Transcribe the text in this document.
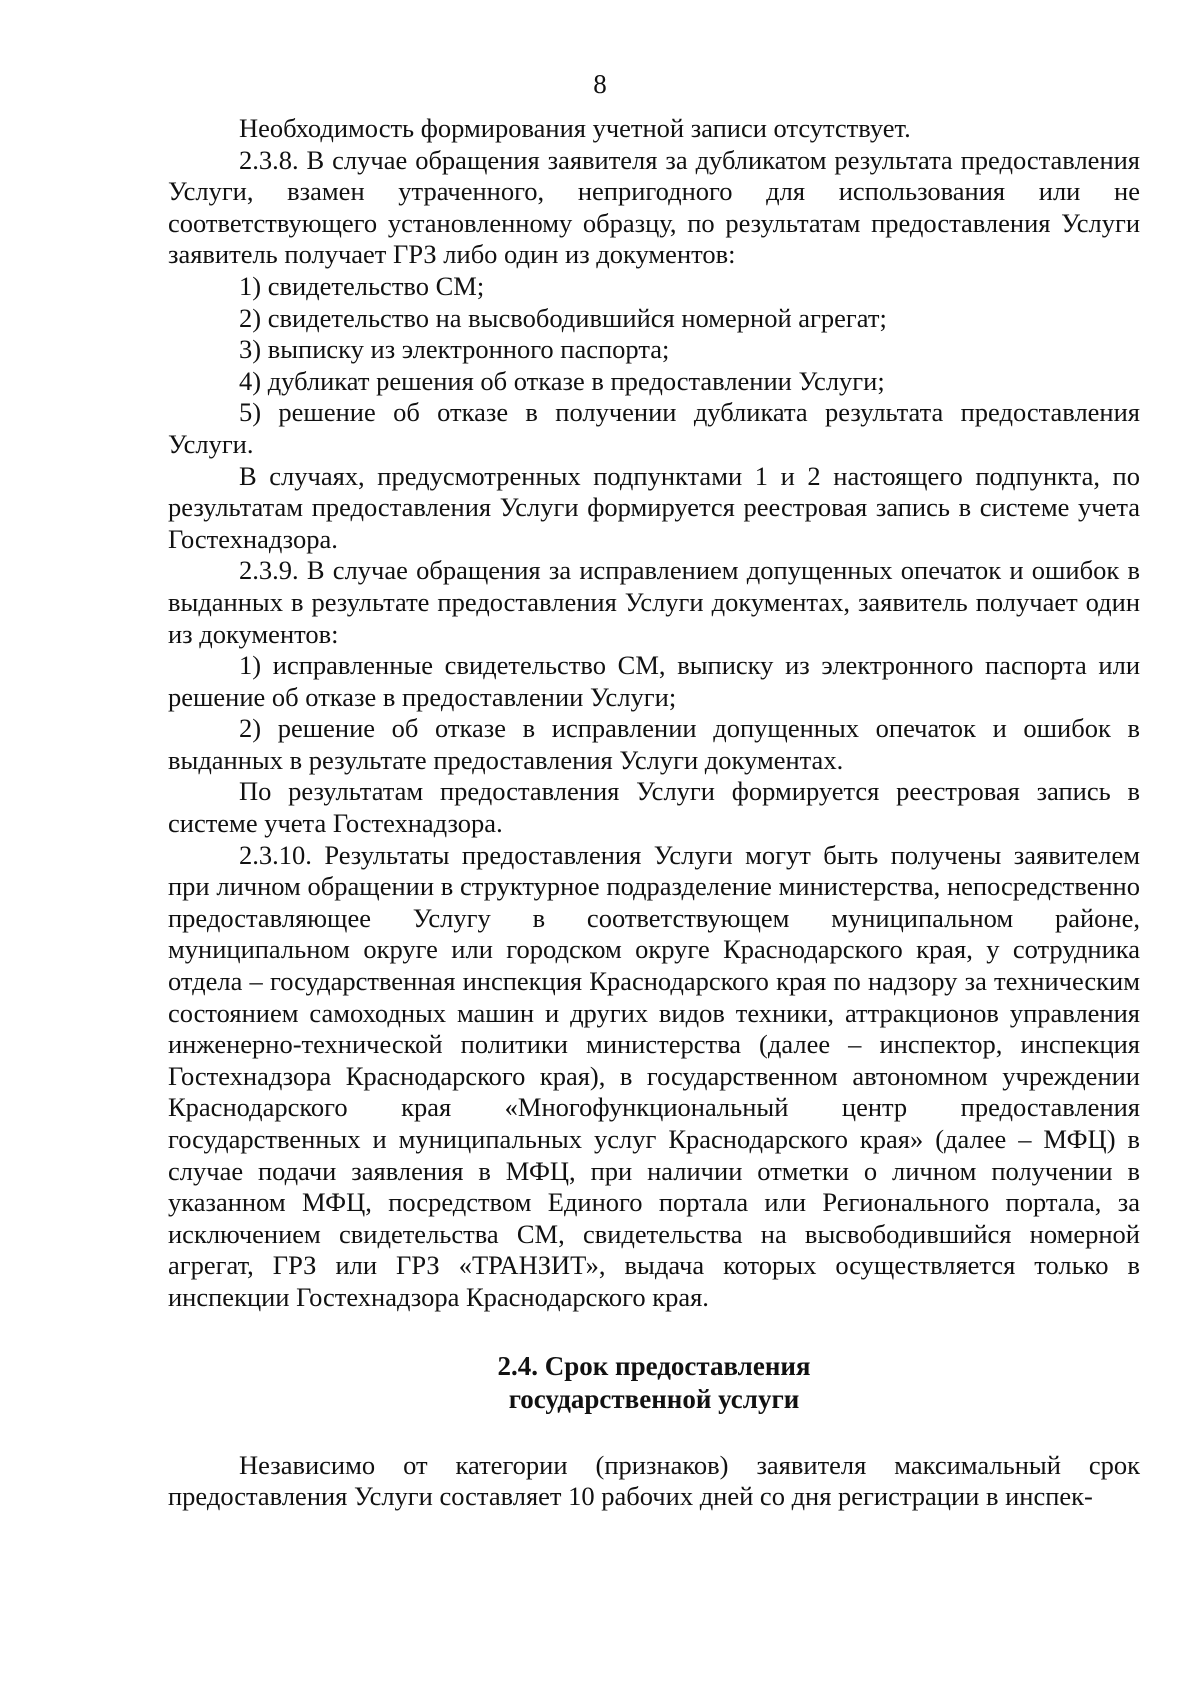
8

Необходимость формирования учетной записи отсутствует.

2.3.8. В случае обращения заявителя за дубликатом результата предоставления Услуги, взамен утраченного, непригодного для использования или не соответствующего установленному образцу, по результатам предоставления Услуги заявитель получает ГРЗ либо один из документов:

1) свидетельство СМ;

2) свидетельство на высвободившийся номерной агрегат;

3) выписку из электронного паспорта;

4) дубликат решения об отказе в предоставлении Услуги;

5) решение об отказе в получении дубликата результата предоставления Услуги.

В случаях, предусмотренных подпунктами 1 и 2 настоящего подпункта, по результатам предоставления Услуги формируется реестровая запись в системе учета Гостехнадзора.

2.3.9. В случае обращения за исправлением допущенных опечаток и ошибок в выданных в результате предоставления Услуги документах, заявитель получает один из документов:

1) исправленные свидетельство СМ, выписку из электронного паспорта или решение об отказе в предоставлении Услуги;

2) решение об отказе в исправлении допущенных опечаток и ошибок в выданных в результате предоставления Услуги документах.

По результатам предоставления Услуги формируется реестровая запись в системе учета Гостехнадзора.

2.3.10. Результаты предоставления Услуги могут быть получены заявителем при личном обращении в структурное подразделение министерства, непосредственно предоставляющее Услугу в соответствующем муниципальном районе, муниципальном округе или городском округе Краснодарского края, у сотрудника отдела – государственная инспекция Краснодарского края по надзору за техническим состоянием самоходных машин и других видов техники, аттракционов управления инженерно-технической политики министерства (далее – инспектор, инспекция Гостехнадзора Краснодарского края), в государственном автономном учреждении Краснодарского края «Многофункциональный центр предоставления государственных и муниципальных услуг Краснодарского края» (далее – МФЦ) в случае подачи заявления в МФЦ, при наличии отметки о личном получении в указанном МФЦ, посредством Единого портала или Регионального портала, за исключением свидетельства СМ, свидетельства на высвободившийся номерной агрегат, ГРЗ или ГРЗ «ТРАНЗИТ», выдача которых осуществляется только в инспекции Гостехнадзора Краснодарского края.

2.4. Срок предоставления
государственной услуги

Независимо от категории (признаков) заявителя максимальный срок предоставления Услуги составляет 10 рабочих дней со дня регистрации в инспек-
